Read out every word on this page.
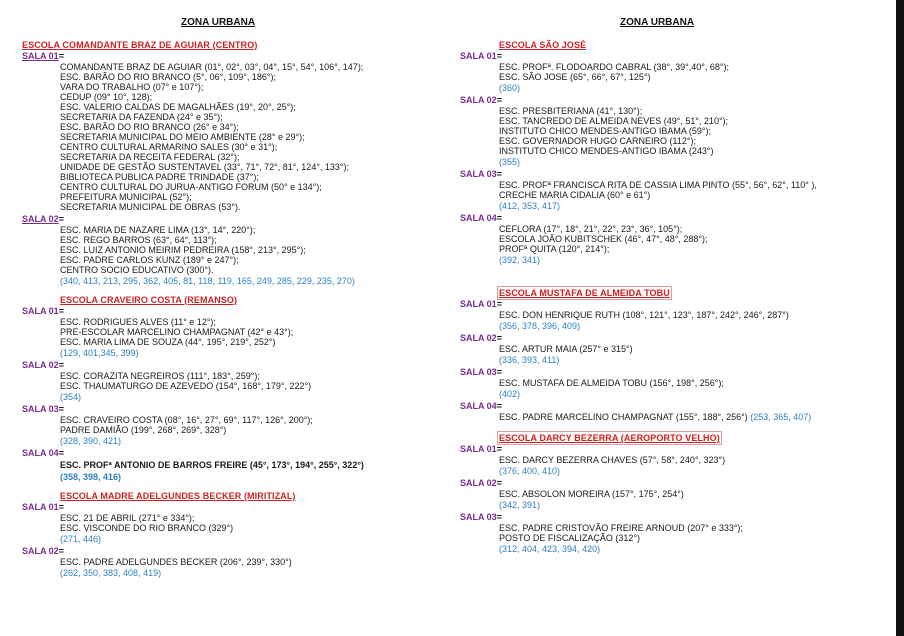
ZONA URBANA
ESCOLA COMANDANTE BRAZ DE AGUIAR (CENTRO)
SALA 01=
COMANDANTE BRAZ DE AGUIAR (01°, 02°, 03°, 04°, 15°, 54°, 106°, 147);
ESC. BARÃO DO RIO BRANCO (5°, 06°, 109°, 186°);
VARA DO TRABALHO (07° e 107°);
CEDUP (09° 10°, 128);
ESC. VALERIO CALDAS DE MAGALHÃES (19°, 20°, 25°);
SECRETARIA DA FAZENDA (24° e 35°);
ESC. BARÃO DO RIO BRANCO (26° e 34°);
SECRETARIA MUNICIPAL DO MEIO AMBIENTE (28° e 29°);
CENTRO CULTURAL ARMARINO SALES (30° e 31°);
SECRETARIA DA RECEITA FEDERAL (32°);
UNIDADE DE GESTÃO SUSTENTAVEL (33°, 71°, 72°, 81°, 124°, 133°);
BIBLIOTECA PUBLICA PADRE TRINDADE (37°);
CENTRO CULTURAL DO JURUA-ANTIGO FORUM (50° e 134°);
PREFEITURA MUNICIPAL (52°);
SECRETARIA MUNICIPAL DE OBRAS (53°).
SALA 02=
ESC. MARIA DE NAZARE LIMA (13°, 14°, 220°);
ESC. REGO BARROS (63°, 64°, 113°);
ESC. LUIZ ANTONIO MEIRIM PEDREIRA (158°, 213°, 295°);
ESC. PADRE CARLOS KUNZ (189° e 247°);
CENTRO SOCIO EDUCATIVO (300°).
(340, 413, 213, 295, 362, 405, 81, 118, 119, 165, 249, 285, 229, 235, 270)
ESCOLA CRAVEIRO COSTA (REMANSO)
SALA 01=
ESC. RODRIGUES ALVES (11° e 12°);
PRE-ESCOLAR MARCELINO CHAMPAGNAT (42° e 43°);
ESC. MARIA LIMA DE SOUZA (44°, 195°, 219°, 252°)
(129, 401,345, 399)
SALA 02=
ESC. CORAZITA NEGREIROS (111°, 183°, 259°);
ESC. THAUMATURGO DE AZEVEDO (154°, 168°, 179°, 222°)
(354)
SALA 03=
ESC. CRAVEIRO COSTA (08°, 16°, 27°, 69°, 117°, 126°, 200°);
PADRE DAMIÃO (199°, 268°, 269°, 328°)
(328, 390, 421)
SALA 04=
ESC. PROFª ANTONIO DE BARROS FREIRE (45°, 173°, 194°, 255°, 322°)
(358, 398, 416)
ESCOLA MADRE ADELGUNDES BECKER (MIRITIZAL)
SALA 01=
ESC. 21 DE ABRIL (271° e 334°);
ESC. VISCONDE DO RIO BRANCO (329°)
(271, 446)
SALA 02=
ESC. PADRE ADELGUNDES BECKER (206°, 239°, 330°)
(262, 350, 383, 408, 419)
ZONA URBANA
ESCOLA SÃO JOSÉ
SALA 01=
ESC. PROFª. FLODOARDO CABRAL (38°, 39°,40°, 68°);
ESC. SÃO JOSE (65°, 66°, 67°, 125°)
(360)
SALA 02=
ESC. PRESBITERIANA (41°, 130°);
ESC. TANCREDO DE ALMEIDA NEVES (49°, 51°, 210°);
INSTITUTO CHICO MENDES-ANTIGO IBAMA (59°);
ESC. GOVERNADOR HUGO CARNEIRO (112°);
INSTITUTO CHICO MENDES-ANTIGO IBAMA (243°)
(355)
SALA 03=
ESC. PROFª FRANCISCA RITA DE CASSIA LIMA PINTO (55°, 56°, 62°, 110° ),
CRECHE MARIA CIDALIA (60° e 61°)
(412, 353, 417)
SALA 04=
CEFLORA (17°, 18°, 21°, 22°, 23°, 36°, 105°);
ESCOLA JOÃO KUBITSCHEK (46°, 47°, 48°, 288°);
PROFª QUITA (120°, 214°);
(392, 341)
ESCOLA MUSTAFA DE ALMEIDA TOBU
SALA 01=
ESC. DON HENRIQUE RUTH (108°, 121°, 123°, 187°, 242°, 246°, 287°)
(356, 378, 396, 409)
SALA 02=
ESC. ARTUR MAIA (257° e 315°)
(336, 393, 411)
SALA 03=
ESC. MUSTAFA DE ALMEIDA TOBU (156°, 198°, 256°);
(402)
SALA 04=
ESC. PADRE MARCELINO CHAMPAGNAT (155°, 188°, 256°) (253, 365, 407)
ESCOLA DARCY BEZERRA (AEROPORTO VELHO)
SALA 01=
ESC. DARCY BEZERRA CHAVES (57°, 58°, 240°, 323°)
(376, 400, 410)
SALA 02=
ESC. ABSOLON MOREIRA (157°, 175°, 254°)
(342, 391)
SALA 03=
ESC. PADRE CRISTOVÃO FREIRE ARNOUD (207° e 333°);
POSTO DE FISCALIZAÇÃO (312°)
(312, 404, 423, 394, 420)
